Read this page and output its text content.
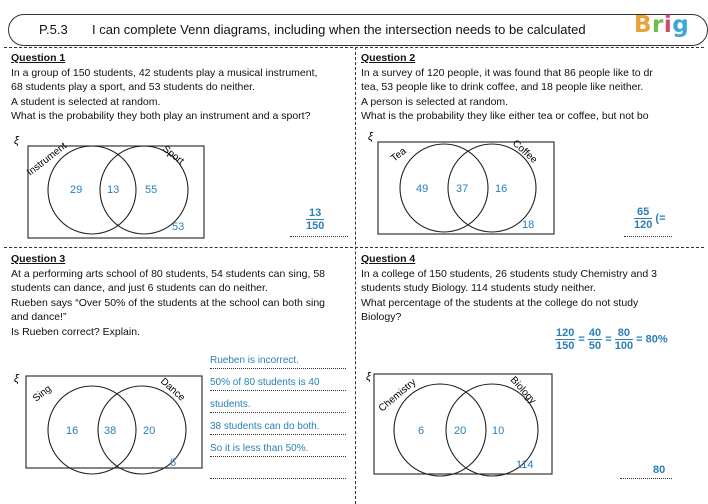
P.5.3 I can complete Venn diagrams, including when the intersection needs to be calculated Brig
Question 1

In a group of 150 students, 42 students play a musical instrument,

68 students play a sport, and 53 students do neither.

A student is selected at random.

What is the probability they both play an instrument and a sport?

ξ Instrument	Sport
29 13 55
53	$\frac{13}{150}$
Question 2

In a survey of 120 people, it was found that 86 people like to dr

tea, 53 people like to drink coffee, and 18 people like neither.

A person is selected at random.

What is the probability they like either tea or coffee, but not bo

ξ
Tea	Coffee
49	37 16
18	$\frac{65}{120}$ (=
Question 3

At a performing arts school of 80 students, 54 students can sing, 58

students can dance, and just 6 students can do neither.

Rueben says “Over 50% of the students at the school can both sing

and dance!”

Is Rueben correct? Explain.

ξ
Sing	Dance
16 38 20
6
Rueben is incorrect.
50% of 80 students is 40
students.
38 students can do both.
So it is less than 50%.
Question 4

In a college of 150 students, 26 students study Chemistry and 3

students study Biology. 114 students study neither.

What percentage of the students at the college do not study

Biology?

$\frac{120}{150} = \frac{40}{50} = \frac{80}{100} = 80\%$
ξ Chemistry	Biology
6	20 10
114	80
